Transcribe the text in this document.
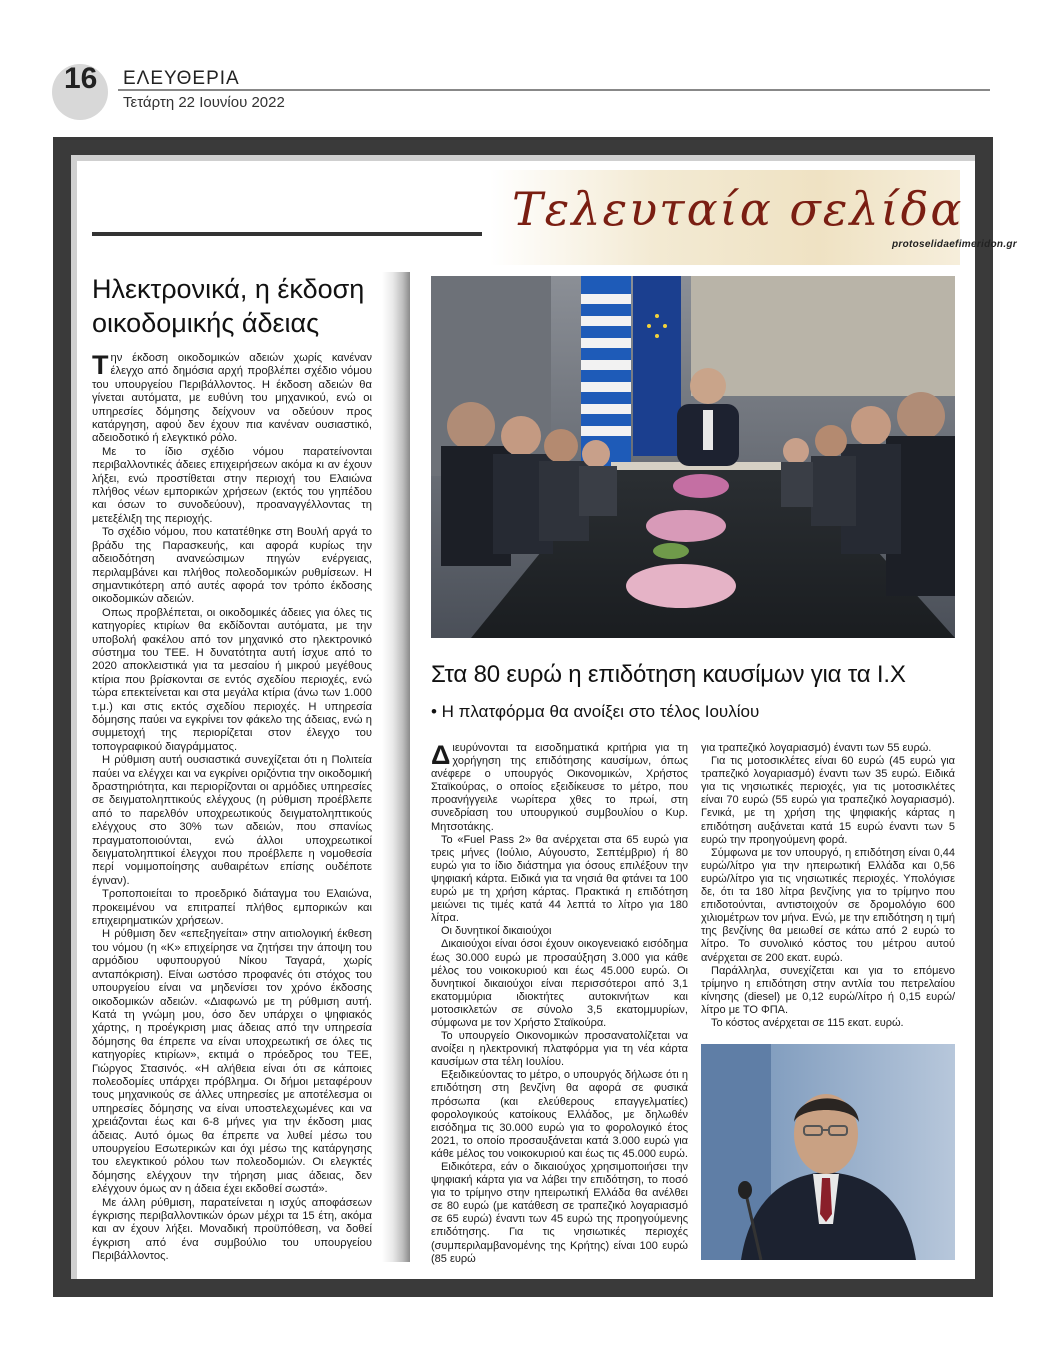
16 ΕΛΕΥΘΕΡΙΑ
Τετάρτη 22 Ιουνίου 2022
Τελευταία σελίδα
protoselidaefimeridon.gr
Ηλεκτρονικά, η έκδοση οικοδομικής άδειας

Την έκδοση οικοδομικών αδειών χωρίς κανέναν έλεγχο από δημόσια αρχή προβλέπει σχέδιο νόμου του υπουργείου Περιβάλλοντος. Η έκδοση αδειών θα γίνεται αυτόματα, με ευθύνη του μηχανικού, ενώ οι υπηρεσίες δόμησης δείχνουν να οδεύουν προς κατάργηση, αφού δεν έχουν πια κανέναν ουσιαστικό, αδειοδοτικό ή ελεγκτικό ρόλο.

Με το ίδιο σχέδιο νόμου παρατείνονται περιβαλλοντικές άδειες επιχειρήσεων ακόμα κι αν έχουν λήξει, ενώ προστίθεται στην περιοχή του Ελαιώνα πλήθος νέων εμπορικών χρήσεων (εκτός του γηπέδου και όσων το συνοδεύουν), προαναγγέλλοντας τη μετεξέλιξη της περιοχής.

Το σχέδιο νόμου, που κατατέθηκε στη Βουλή αργά το βράδυ της Παρασκευής, και αφορά κυρίως την αδειοδότηση ανανεώσιμων πηγών ενέργειας, περιλαμβάνει και πλήθος πολεοδομικών ρυθμίσεων. Η σημαντικότερη από αυτές αφορά τον τρόπο έκδοσης οικοδομικών αδειών.

Οπως προβλέπεται, οι οικοδομικές άδειες για όλες τις κατηγορίες κτιρίων θα εκδίδονται αυτόματα, με την υποβολή φακέλου από τον μηχανικό στο ηλεκτρονικό σύστημα του ΤΕΕ. Η δυνατότητα αυτή ίσχυε από το 2020 αποκλειστικά για τα μεσαίου ή μικρού μεγέθους κτίρια που βρίσκονται σε εντός σχεδίου περιοχές, ενώ τώρα επεκτείνεται και στα μεγάλα κτίρια (άνω των 1.000 τ.μ.) και στις εκτός σχεδίου περιοχές. Η υπηρεσία δόμησης παύει να εγκρίνει τον φάκελο της άδειας, ενώ η συμμετοχή της περιορίζεται στον έλεγχο του τοπογραφικού διαγράμματος.

Η ρύθμιση αυτή ουσιαστικά συνεχίζεται ότι η Πολιτεία παύει να ελέγχει και να εγκρίνει οριζόντια την οικοδομική δραστηριότητα, και περιορίζονται οι αρμόδιες υπηρεσίες σε δειγματοληπτικούς ελέγχους (η ρύθμιση προέβλεπε από το παρελθόν υποχρεωτικούς δειγματοληπτικούς ελέγχους στο 30% των αδειών, που σπανίως πραγματοποιούνται, ενώ άλλοι υποχρεωτικοί δειγματοληπτικοί έλεγχοι που προέβλεπε η νομοθεσία περί νομιμοποίησης αυθαιρέτων επίσης ουδέποτε έγιναν).

Τροποποιείται το προεδρικό διάταγμα του Ελαιώνα, προκειμένου να επιτραπεί πλήθος εμπορικών και επιχειρηματικών χρήσεων.

Η ρύθμιση δεν «επεξηγείται» στην αιτιολογική έκθεση του νόμου (η «Κ» επιχείρησε να ζητήσει την άποψη του αρμόδιου υφυπουργού Νίκου Ταγαρά, χωρίς ανταπόκριση). Είναι ωστόσο προφανές ότι στόχος του υπουργείου είναι να μηδενίσει τον χρόνο έκδοσης οικοδομικών αδειών. «Διαφωνώ με τη ρύθμιση αυτή. Κατά τη γνώμη μου, όσο δεν υπάρχει ο ψηφιακός χάρτης, η προέγκριση μιας άδειας από την υπηρεσία δόμησης θα έπρεπε να είναι υποχρεωτική σε όλες τις κατηγορίες κτιρίων», εκτιμά ο πρόεδρος του ΤΕΕ, Γιώργος Στασινός. «Η αλήθεια είναι ότι σε κάποιες πολεοδομίες υπάρχει πρόβλημα. Οι δήμοι μεταφέρουν τους μηχανικούς σε άλλες υπηρεσίες με αποτέλεσμα οι υπηρεσίες δόμησης να είναι υποστελεχωμένες και να χρειάζονται έως και 6-8 μήνες για την έκδοση μιας άδειας. Αυτό όμως θα έπρεπε να λυθεί μέσω του υπουργείου Εσωτερικών και όχι μέσω της κατάργησης του ελεγκτικού ρόλου των πολεοδομιών. Οι ελεγκτές δόμησης ελέγχουν την τήρηση μιας άδειας, δεν ελέγχουν όμως αν η άδεια έχει εκδοθεί σωστά».

Με άλλη ρύθμιση, παρατείνεται η ισχύς αποφάσεων έγκρισης περιβαλλοντικών όρων μέχρι τα 15 έτη, ακόμα και αν έχουν λήξει. Μοναδική προϋπόθεση, να δοθεί έγκριση από ένα συμβούλιο του υπουργείου Περιβάλλοντος.

Στα 80 ευρώ η επιδότηση καυσίμων για τα Ι.Χ
• Η πλατφόρμα θα ανοίξει στο τέλος Ιουλίου

Διευρύνονται τα εισοδηματικά κριτήρια για τη χορήγηση της επιδότησης καυσίμων, όπως ανέφερε ο υπουργός Οικονομικών, Χρήστος Σταϊκούρας, ο οποίος εξειδίκευσε το μέτρο, που προανήγγειλε νωρίτερα χθες το πρωί, στη συνεδρίαση του υπουργικού συμβουλίου ο Κυρ. Μητσοτάκης.

Το «Fuel Pass 2» θα ανέρχεται στα 65 ευρώ για τρεις μήνες (Ιούλιο, Αύγουστο, Σεπτέμβριο) ή 80 ευρώ για το ίδιο διάστημα για όσους επιλέξουν την ψηφιακή κάρτα. Ειδικά για τα νησιά θα φτάνει τα 100 ευρώ με τη χρήση κάρτας. Πρακτικά η επιδότηση μειώνει τις τιμές κατά 44 λεπτά το λίτρο για 180 λίτρα.

Οι δυνητικοί δικαιούχοι

Δικαιούχοι είναι όσοι έχουν οικογενειακό εισόδημα έως 30.000 ευρώ με προσαύξηση 3.000 για κάθε μέλος του νοικοκυριού και έως 45.000 ευρώ. Οι δυνητικοί δικαιούχοι είναι περισσότεροι από 3,1 εκατομμύρια ιδιοκτήτες αυτοκινήτων και μοτοσικλετών σε σύνολο 3,5 εκατομμυρίων, σύμφωνα με τον Χρήστο Σταϊκούρα.

Το υπουργείο Οικονομικών προσανατολίζεται να ανοίξει η ηλεκτρονική πλατφόρμα για τη νέα κάρτα καυσίμων στα τέλη Ιουλίου.

Εξειδικεύοντας το μέτρο, ο υπουργός δήλωσε ότι η επιδότηση στη βενζίνη θα αφορά σε φυσικά πρόσωπα (και ελεύθερους επαγγελματίες) φορολογικούς κατοίκους Ελλάδος, με δηλωθέν εισόδημα τις 30.000 ευρώ για το φορολογικό έτος 2021, το οποίο προσαυξάνεται κατά 3.000 ευρώ για κάθε μέλος του νοικοκυριού και έως τις 45.000 ευρώ.

Ειδικότερα, εάν ο δικαιούχος χρησιμοποιήσει την ψηφιακή κάρτα για να λάβει την επιδότηση, το ποσό για το τρίμηνο στην ηπειρωτική Ελλάδα θα ανέλθει σε 80 ευρώ (με κατάθεση σε τραπεζικό λογαριασμό σε 65 ευρώ) έναντι των 45 ευρώ της προηγούμενης επιδότησης. Για τις νησιωτικές περιοχές (συμπεριλαμβανομένης της Κρήτης) είναι 100 ευρώ (85 ευρώ

για τραπεζικό λογαριασμό) έναντι των 55 ευρώ.

Για τις μοτοσικλέτες είναι 60 ευρώ (45 ευρώ για τραπεζικό λογαριασμό) έναντι των 35 ευρώ. Ειδικά για τις νησιωτικές περιοχές, για τις μοτοσικλέτες είναι 70 ευρώ (55 ευρώ για τραπεζικό λογαριασμό). Γενικά, με τη χρήση της ψηφιακής κάρτας η επιδότηση αυξάνεται κατά 15 ευρώ έναντι των 5 ευρώ την προηγούμενη φορά.

Σύμφωνα με τον υπουργό, η επιδότηση είναι 0,44 ευρώ/λίτρο για την ηπειρωτική Ελλάδα και 0,56 ευρώ/λίτρο για τις νησιωτικές περιοχές. Υπολόγισε δε, ότι τα 180 λίτρα βενζίνης για το τρίμηνο που επιδοτούνται, αντιστοιχούν σε δρομολόγιο 600 χιλιομέτρων τον μήνα. Ενώ, με την επιδότηση η τιμή της βενζίνης θα μειωθεί σε κάτω από 2 ευρώ το λίτρο. Το συνολικό κόστος του μέτρου αυτού ανέρχεται σε 200 εκατ. ευρώ.

Παράλληλα, συνεχίζεται και για το επόμενο τρίμηνο η επιδότηση στην αντλία του πετρελαίου κίνησης (diesel) με 0,12 ευρώ/λίτρο ή 0,15 ευρώ/λίτρο με ΤΟ ΦΠΑ.

Το κόστος ανέρχεται σε 115 εκατ. ευρώ.
